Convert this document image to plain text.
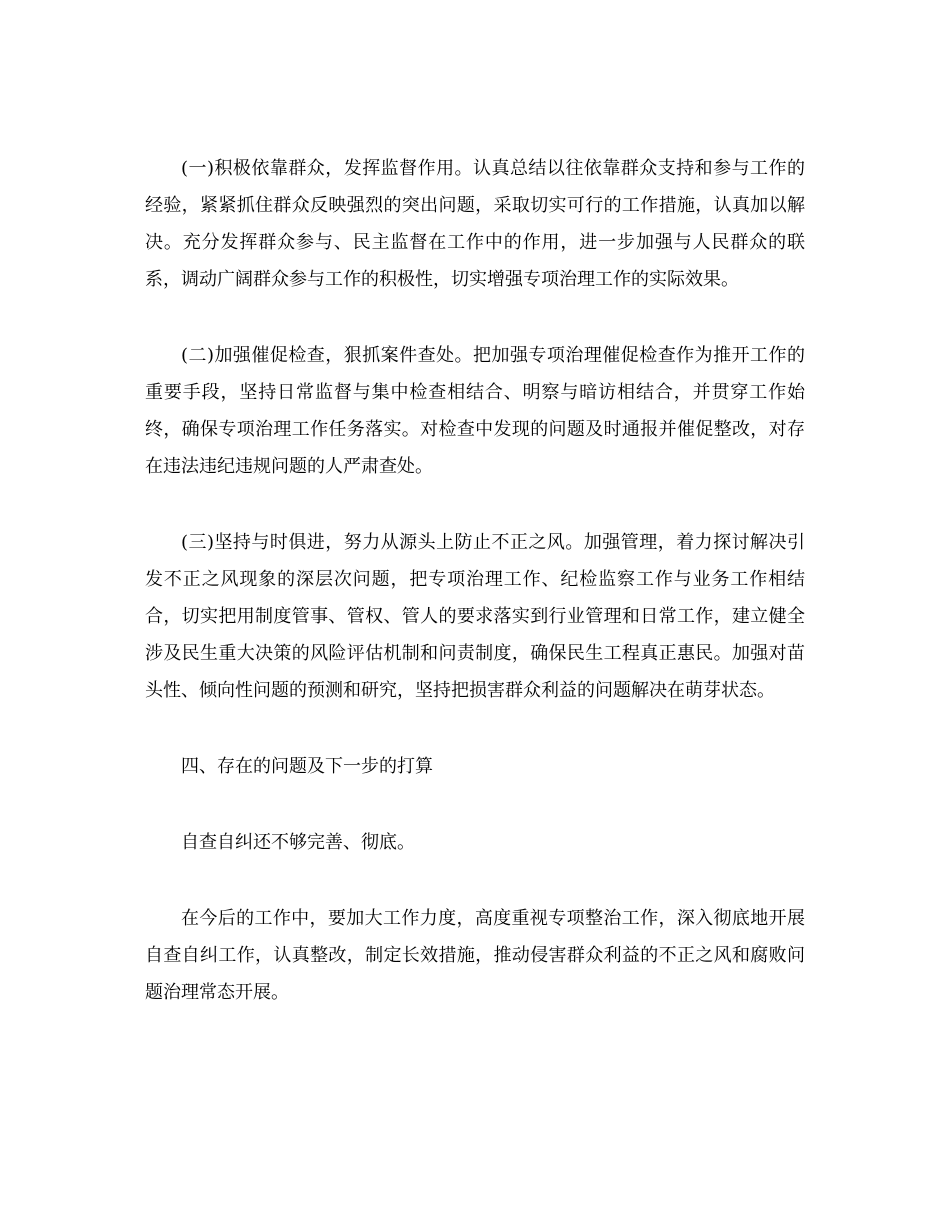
(一)积极依靠群众，发挥监督作用。认真总结以往依靠群众支持和参与工作的经验，紧紧抓住群众反映强烈的突出问题，采取切实可行的工作措施，认真加以解决。充分发挥群众参与、民主监督在工作中的作用，进一步加强与人民群众的联系，调动广阔群众参与工作的积极性，切实增强专项治理工作的实际效果。

(二)加强催促检查，狠抓案件查处。把加强专项治理催促检查作为推开工作的重要手段，坚持日常监督与集中检查相结合、明察与暗访相结合，并贯穿工作始终，确保专项治理工作任务落实。对检查中发现的问题及时通报并催促整改，对存在违法违纪违规问题的人严肃查处。

(三)坚持与时俱进，努力从源头上防止不正之风。加强管理，着力探讨解决引发不正之风现象的深层次问题，把专项治理工作、纪检监察工作与业务工作相结合，切实把用制度管事、管权、管人的要求落实到行业管理和日常工作，建立健全涉及民生重大决策的风险评估机制和问责制度，确保民生工程真正惠民。加强对苗头性、倾向性问题的预测和研究，坚持把损害群众利益的问题解决在萌芽状态。

四、存在的问题及下一步的打算

自查自纠还不够完善、彻底。

在今后的工作中，要加大工作力度，高度重视专项整治工作，深入彻底地开展自查自纠工作，认真整改，制定长效措施，推动侵害群众利益的不正之风和腐败问题治理常态开展。
